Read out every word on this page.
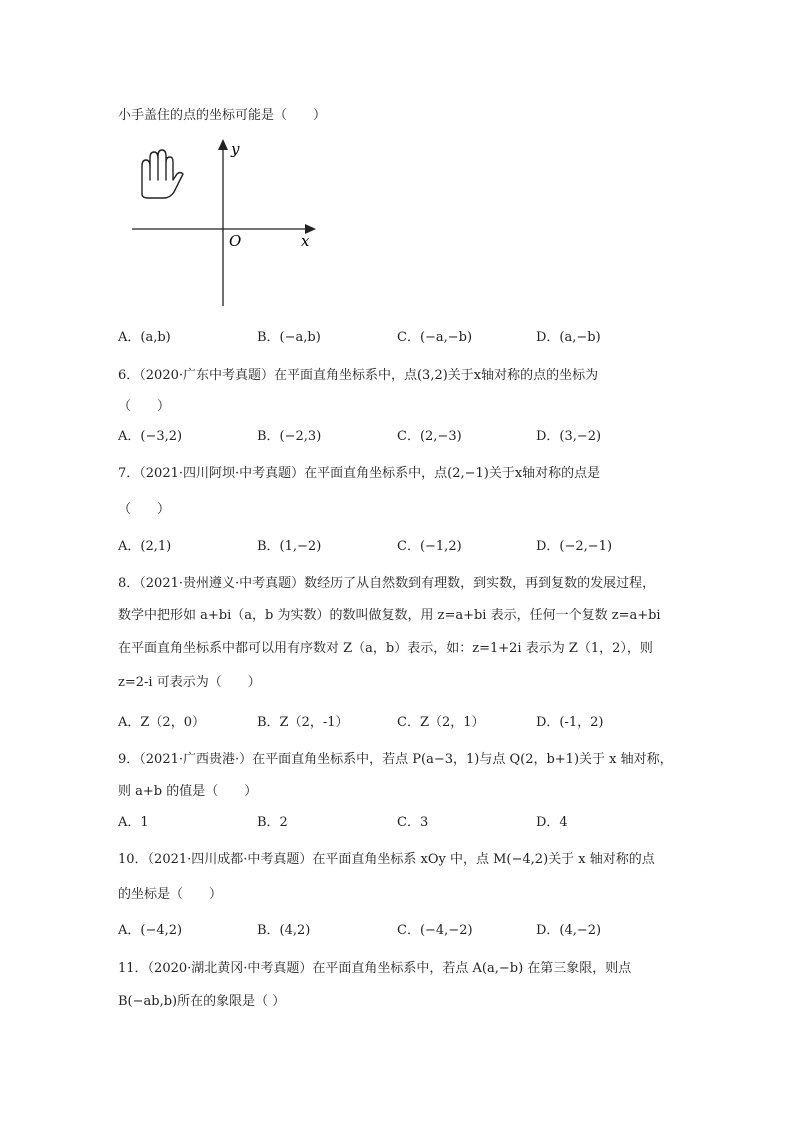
小手盖住的点的坐标可能是（　　）
y
x
O
A．(a,b)	B．(−a,b)	C．(−a,−b)	D．(a,−b)
6．（2020·广东中考真题）在平面直角坐标系中，点(3,2)关于x轴对称的点的坐标为
（　　）
A．(−3,2)	B．(−2,3)	C．(2,−3)	D．(3,−2)
7．（2021·四川阿坝·中考真题）在平面直角坐标系中，点(2,−1)关于x轴对称的点是
（　　）
A．(2,1)	B．(1,−2)	C．(−1,2)	D．(−2,−1)
8．（2021·贵州遵义·中考真题）数经历了从自然数到有理数，到实数，再到复数的发展过程，
数学中把形如 a+bi（a，b 为实数）的数叫做复数，用 z=a+bi 表示，任何一个复数 z=a+bi
在平面直角坐标系中都可以用有序数对 Z（a，b）表示，如：z=1+2i 表示为 Z（1，2），则
z=2-i 可表示为（　　）
A．Z（2，0）	B．Z（2，-1）	C．Z（2，1）	D．(-1，2)
9．（2021·广西贵港·）在平面直角坐标系中，若点 P(a−3，1)与点 Q(2，b+1)关于 x 轴对称，
则 a+b 的值是（　　）
A．1	B．2	C．3	D．4
10．（2021·四川成都·中考真题）在平面直角坐标系 xOy 中，点 M(−4,2)关于 x 轴对称的点
的坐标是（　　）
A．(−4,2)	B．(4,2)	C．(−4,−2)	D．(4,−2)
11．（2020·湖北黄冈·中考真题）在平面直角坐标系中，若点 A(a,−b) 在第三象限，则点
B(−ab,b)所在的象限是（ ）
